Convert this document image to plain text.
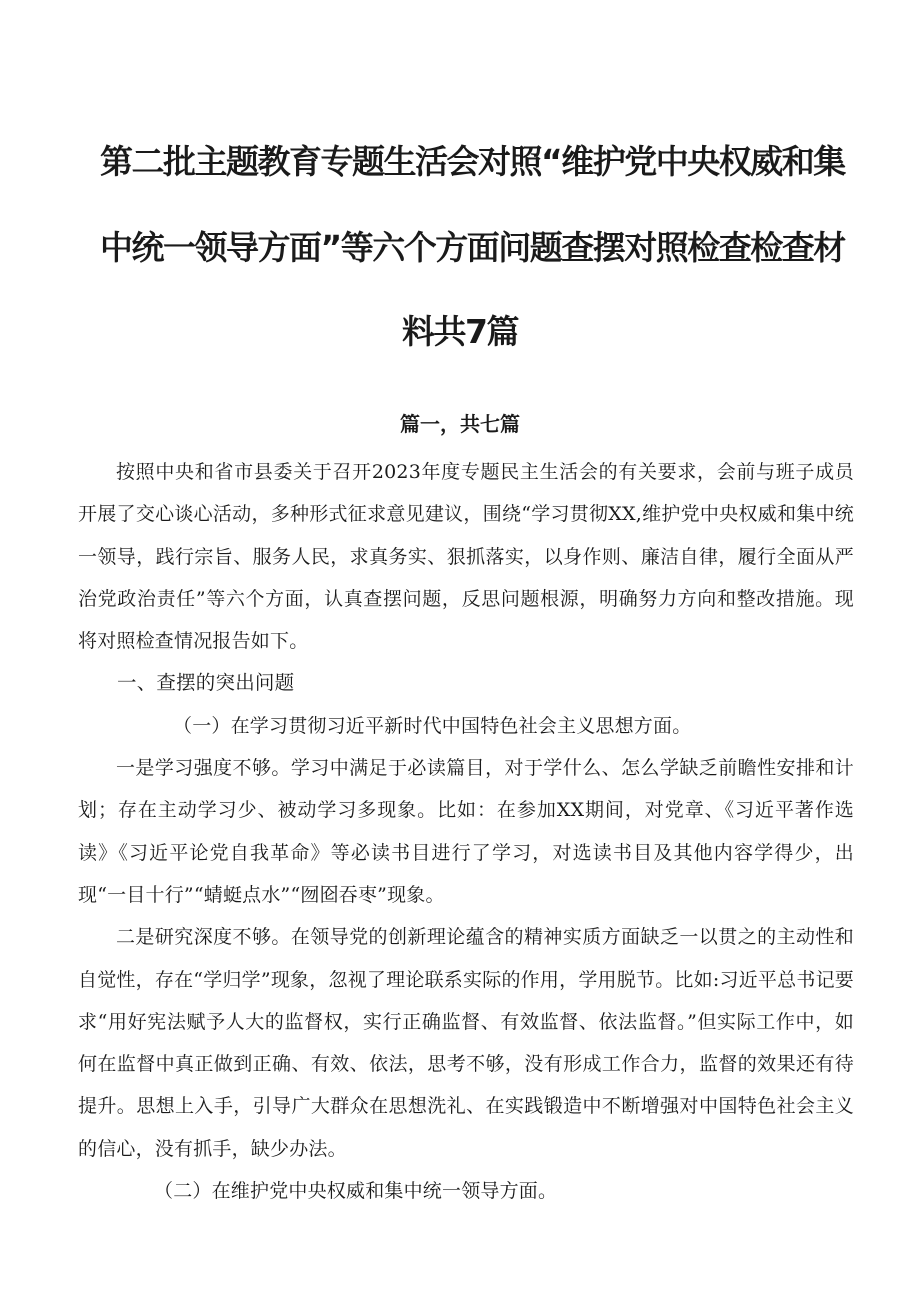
第二批主题教育专题生活会对照“维护党中央权威和集
中统一领导方面”等六个方面问题查摆对照检查检查材
料共7篇
篇一，共七篇

按照中央和省市县委关于召开2023年度专题民主生活会的有关要求，会前与班子成员开展了交心谈心活动，多种形式征求意见建议，围绕“学习贯彻XX,维护党中央权威和集中统一领导，践行宗旨、服务人民，求真务实、狠抓落实，以身作则、廉洁自律，履行全面从严治党政治责任”等六个方面，认真查摆问题，反思问题根源，明确努力方向和整改措施。现将对照检查情况报告如下。

一、查摆的突出问题

（一）在学习贯彻习近平新时代中国特色社会主义思想方面。

一是学习强度不够。学习中满足于必读篇目，对于学什么、怎么学缺乏前瞻性安排和计划；存在主动学习少、被动学习多现象。比如：在参加XX期间，对党章、《习近平著作选读》《习近平论党自我革命》等必读书目进行了学习，对选读书目及其他内容学得少，出现“一目十行”“蜻蜓点水”“囫囵吞枣”现象。

二是研究深度不够。在领导党的创新理论蕴含的精神实质方面缺乏一以贯之的主动性和自觉性，存在“学归学”现象，忽视了理论联系实际的作用，学用脱节。比如:习近平总书记要求“用好宪法赋予人大的监督权，实行正确监督、有效监督、依法监督。”但实际工作中，如何在监督中真正做到正确、有效、依法，思考不够，没有形成工作合力，监督的效果还有待提升。思想上入手，引导广大群众在思想洗礼、在实践锻造中不断增强对中国特色社会主义的信心，没有抓手，缺少办法。

（二）在维护党中央权威和集中统一领导方面。
